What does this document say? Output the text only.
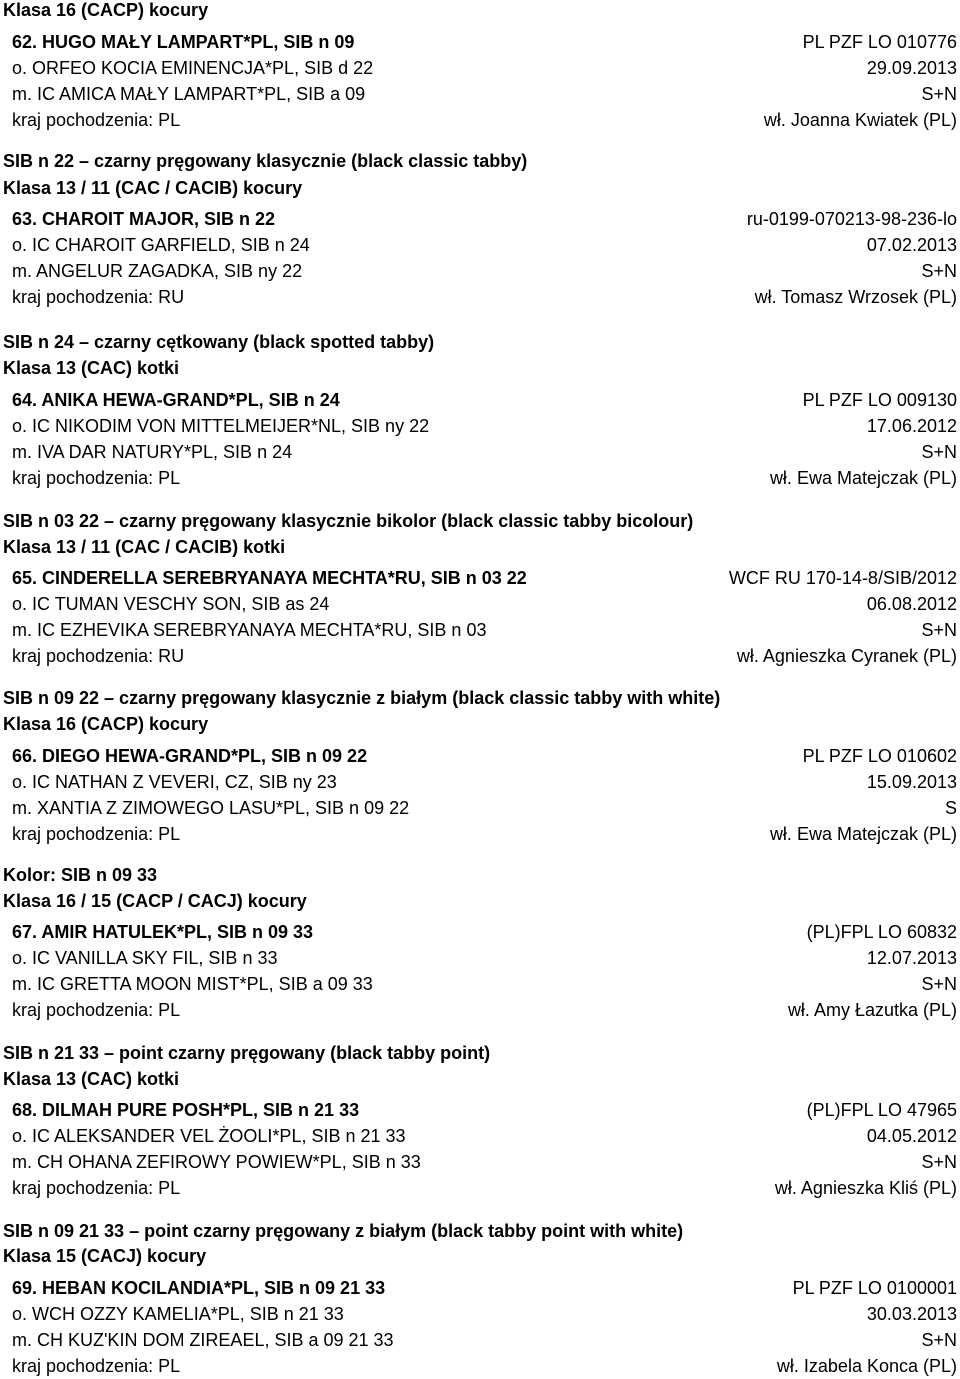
Klasa 16 (CACP) kocury
62. HUGO MAŁY LAMPART*PL, SIB n 09	PL PZF LO 010776
o. ORFEO KOCIA EMINENCJA*PL, SIB d 22	29.09.2013
m. IC AMICA MAŁY LAMPART*PL, SIB a 09	S+N
kraj pochodzenia: PL	wł. Joanna Kwiatek (PL)
SIB n 22 – czarny pręgowany klasycznie (black classic tabby)
Klasa 13 / 11 (CAC / CACIB) kocury
63. CHAROIT MAJOR, SIB n 22	ru-0199-070213-98-236-lo
o. IC CHAROIT GARFIELD, SIB n 24	07.02.2013
m. ANGELUR ZAGADKA, SIB ny 22	S+N
kraj pochodzenia: RU	wł. Tomasz Wrzosek (PL)
SIB n 24 – czarny cętkowany (black spotted tabby)
Klasa 13 (CAC) kotki
64. ANIKA HEWA-GRAND*PL, SIB n 24	PL PZF LO 009130
o. IC NIKODIM VON MITTELMEIJER*NL, SIB ny 22	17.06.2012
m. IVA DAR NATURY*PL, SIB n 24	S+N
kraj pochodzenia: PL	wł. Ewa Matejczak (PL)
SIB n 03 22 – czarny pręgowany klasycznie bikolor (black classic tabby bicolour)
Klasa 13 / 11 (CAC / CACIB) kotki
65. CINDERELLA SEREBRYANAYA MECHTA*RU, SIB n 03 22	WCF RU 170-14-8/SIB/2012
o. IC TUMAN VESCHY SON, SIB as 24	06.08.2012
m. IC EZHEVIKA SEREBRYANAYA MECHTA*RU, SIB n 03	S+N
kraj pochodzenia: RU	wł. Agnieszka Cyranek (PL)
SIB n 09 22 – czarny pręgowany klasycznie z białym (black classic tabby with white)
Klasa 16 (CACP) kocury
66. DIEGO HEWA-GRAND*PL, SIB n 09 22	PL PZF LO 010602
o. IC NATHAN Z VEVERI, CZ, SIB ny 23	15.09.2013
m. XANTIA Z ZIMOWEGO LASU*PL, SIB n 09 22	S
kraj pochodzenia: PL	wł. Ewa Matejczak (PL)
Kolor: SIB n 09 33
Klasa 16 / 15 (CACP / CACJ) kocury
67. AMIR HATULEK*PL, SIB n 09 33	(PL)FPL LO 60832
o. IC VANILLA SKY FIL, SIB n 33	12.07.2013
m. IC GRETTA MOON MIST*PL, SIB a 09 33	S+N
kraj pochodzenia: PL	wł. Amy Łazutka (PL)
SIB n 21 33 – point czarny pręgowany (black tabby point)
Klasa 13 (CAC) kotki
68. DILMAH PURE POSH*PL, SIB n 21 33	(PL)FPL LO 47965
o. IC ALEKSANDER VEL ŻOOLI*PL, SIB n 21 33	04.05.2012
m. CH OHANA ZEFIROWY POWIEW*PL, SIB n 33	S+N
kraj pochodzenia: PL	wł. Agnieszka Kliś (PL)
SIB n 09 21 33 – point czarny pręgowany z białym (black tabby point with white)
Klasa 15 (CACJ) kocury
69. HEBAN KOCILANDIA*PL, SIB n 09 21 33	PL PZF LO 0100001
o. WCH OZZY KAMELIA*PL, SIB n 21 33	30.03.2013
m. CH KUZ'KIN DOM ZIREAEL, SIB a 09 21 33	S+N
kraj pochodzenia: PL	wł. Izabela Konca (PL)
